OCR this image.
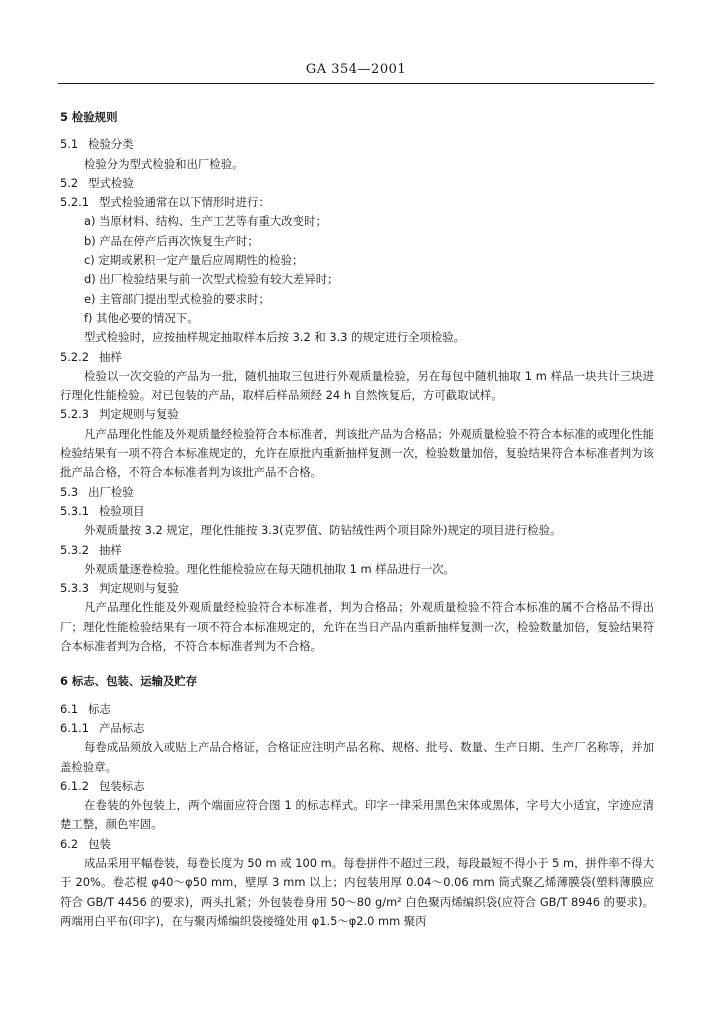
GA 354—2001
5 检验规则
5.1 检验分类
检验分为型式检验和出厂检验。
5.2 型式检验
5.2.1 型式检验通常在以下情形时进行：
a) 当原材料、结构、生产工艺等有重大改变时；
b) 产品在停产后再次恢复生产时；
c) 定期或累积一定产量后应周期性的检验；
d) 出厂检验结果与前一次型式检验有较大差异时；
e) 主管部门提出型式检验的要求时；
f) 其他必要的情况下。
型式检验时，应按抽样规定抽取样本后按 3.2 和 3.3 的规定进行全项检验。
5.2.2 抽样
检验以一次交验的产品为一批，随机抽取三包进行外观质量检验，另在每包中随机抽取 1 m 样品一块共计三块进行理化性能检验。对已包装的产品，取样后样品须经 24 h 自然恢复后，方可截取试样。
5.2.3 判定规则与复验
凡产品理化性能及外观质量经检验符合本标准者，判该批产品为合格品；外观质量检验不符合本标准的或理化性能检验结果有一项不符合本标准规定的，允许在原批内重新抽样复测一次，检验数量加倍，复验结果符合本标准者判为该批产品合格，不符合本标准者判为该批产品不合格。
5.3 出厂检验
5.3.1 检验项目
外观质量按 3.2 规定，理化性能按 3.3(克罗值、防钻绒性两个项目除外)规定的项目进行检验。
5.3.2 抽样
外观质量逐卷检验。理化性能检验应在每天随机抽取 1 m 样品进行一次。
5.3.3 判定规则与复验
凡产品理化性能及外观质量经检验符合本标准者，判为合格品；外观质量检验不符合本标准的属不合格品不得出厂；理化性能检验结果有一项不符合本标准规定的，允许在当日产品内重新抽样复测一次，检验数量加倍，复验结果符合本标准者判为合格，不符合本标准者判为不合格。
6 标志、包装、运输及贮存
6.1 标志
6.1.1 产品标志
每卷成品须放入或贴上产品合格证，合格证应注明产品名称、规格、批号、数量、生产日期、生产厂名称等，并加盖检验章。
6.1.2 包装标志
在卷装的外包装上，两个端面应符合图 1 的标志样式。印字一律采用黑色宋体或黑体，字号大小适宜，字迹应清楚工整，颜色牢固。
6.2 包装
成品采用平幅卷装，每卷长度为 50 m 或 100 m。每卷拼件不超过三段，每段最短不得小于 5 m，拼件率不得大于 20%。卷芯棍 φ40～φ50 mm，壁厚 3 mm 以上；内包装用厚 0.04～0.06 mm 筒式聚乙烯薄膜袋(塑料薄膜应符合 GB/T 4456 的要求)，两头扎紧；外包装卷身用 50～80 g/m² 白色聚丙烯编织袋(应符合 GB/T 8946 的要求)。两端用白平布(印字)，在与聚丙烯编织袋接缝处用 φ1.5～φ2.0 mm 聚丙
